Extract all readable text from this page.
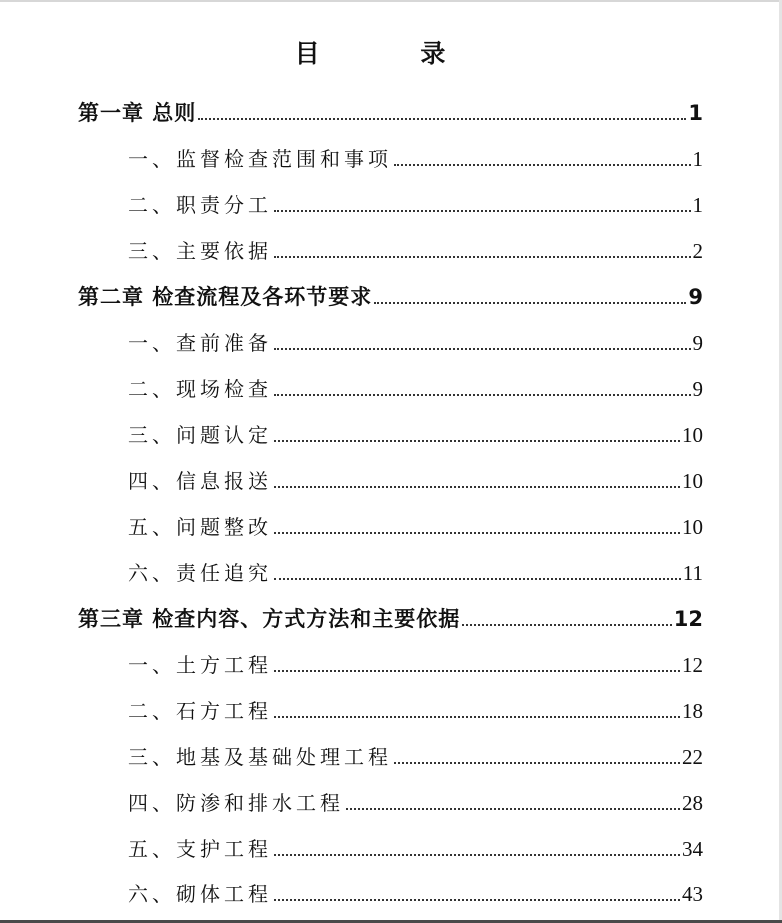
目 录
第一章 总则	1
一、监督检查范围和事项	1
二、职责分工	1
三、主要依据	2
第二章 检查流程及各环节要求	9
一、查前准备	9
二、现场检查	9
三、问题认定	10
四、信息报送	10
五、问题整改	10
六、责任追究	11
第三章 检查内容、方式方法和主要依据	12
一、土方工程	12
二、石方工程	18
三、地基及基础处理工程	22
四、防渗和排水工程	28
五、支护工程	34
六、砌体工程	43
